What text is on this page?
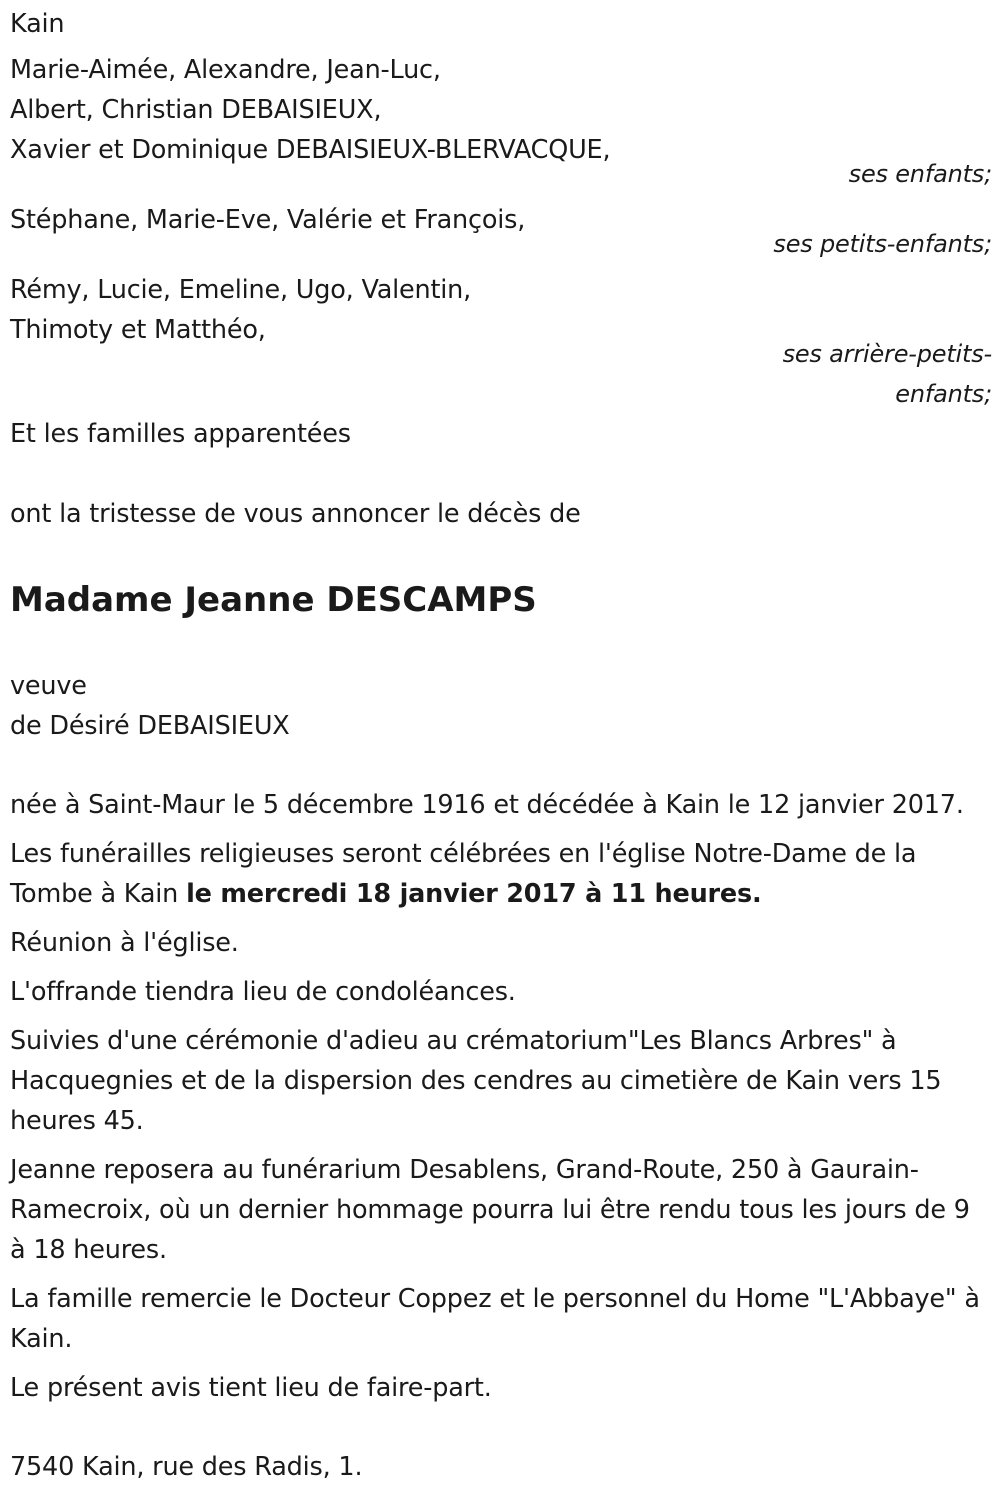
Kain
Marie-Aimée, Alexandre, Jean-Luc,
Albert, Christian DEBAISIEUX,
Xavier et Dominique DEBAISIEUX-BLERVACQUE,
ses enfants;
Stéphane, Marie-Eve, Valérie et François,
ses petits-enfants;
Rémy, Lucie, Emeline, Ugo, Valentin,
Thimoty et Matthéo,
ses arrière-petits-
enfants;
Et les familles apparentées
ont la tristesse de vous annoncer le décès de
Madame Jeanne DESCAMPS
veuve
de Désiré DEBAISIEUX
née à Saint-Maur le 5 décembre 1916 et décédée à Kain le 12 janvier 2017.
Les funérailles religieuses seront célébrées en l'église Notre-Dame de la Tombe à Kain le mercredi 18 janvier 2017 à 11 heures.
Réunion à l'église.
L'offrande tiendra lieu de condoléances.
Suivies d'une cérémonie d'adieu au crématorium"Les Blancs Arbres" à Hacquegnies et de la dispersion des cendres au cimetière de Kain vers 15 heures 45.
Jeanne reposera au funérarium Desablens, Grand-Route, 250 à Gaurain-Ramecroix, où un dernier hommage pourra lui être rendu tous les jours de 9 à 18 heures.
La famille remercie le Docteur Coppez et le personnel du Home "L'Abbaye" à Kain.
Le présent avis tient lieu de faire-part.
7540 Kain, rue des Radis, 1.
